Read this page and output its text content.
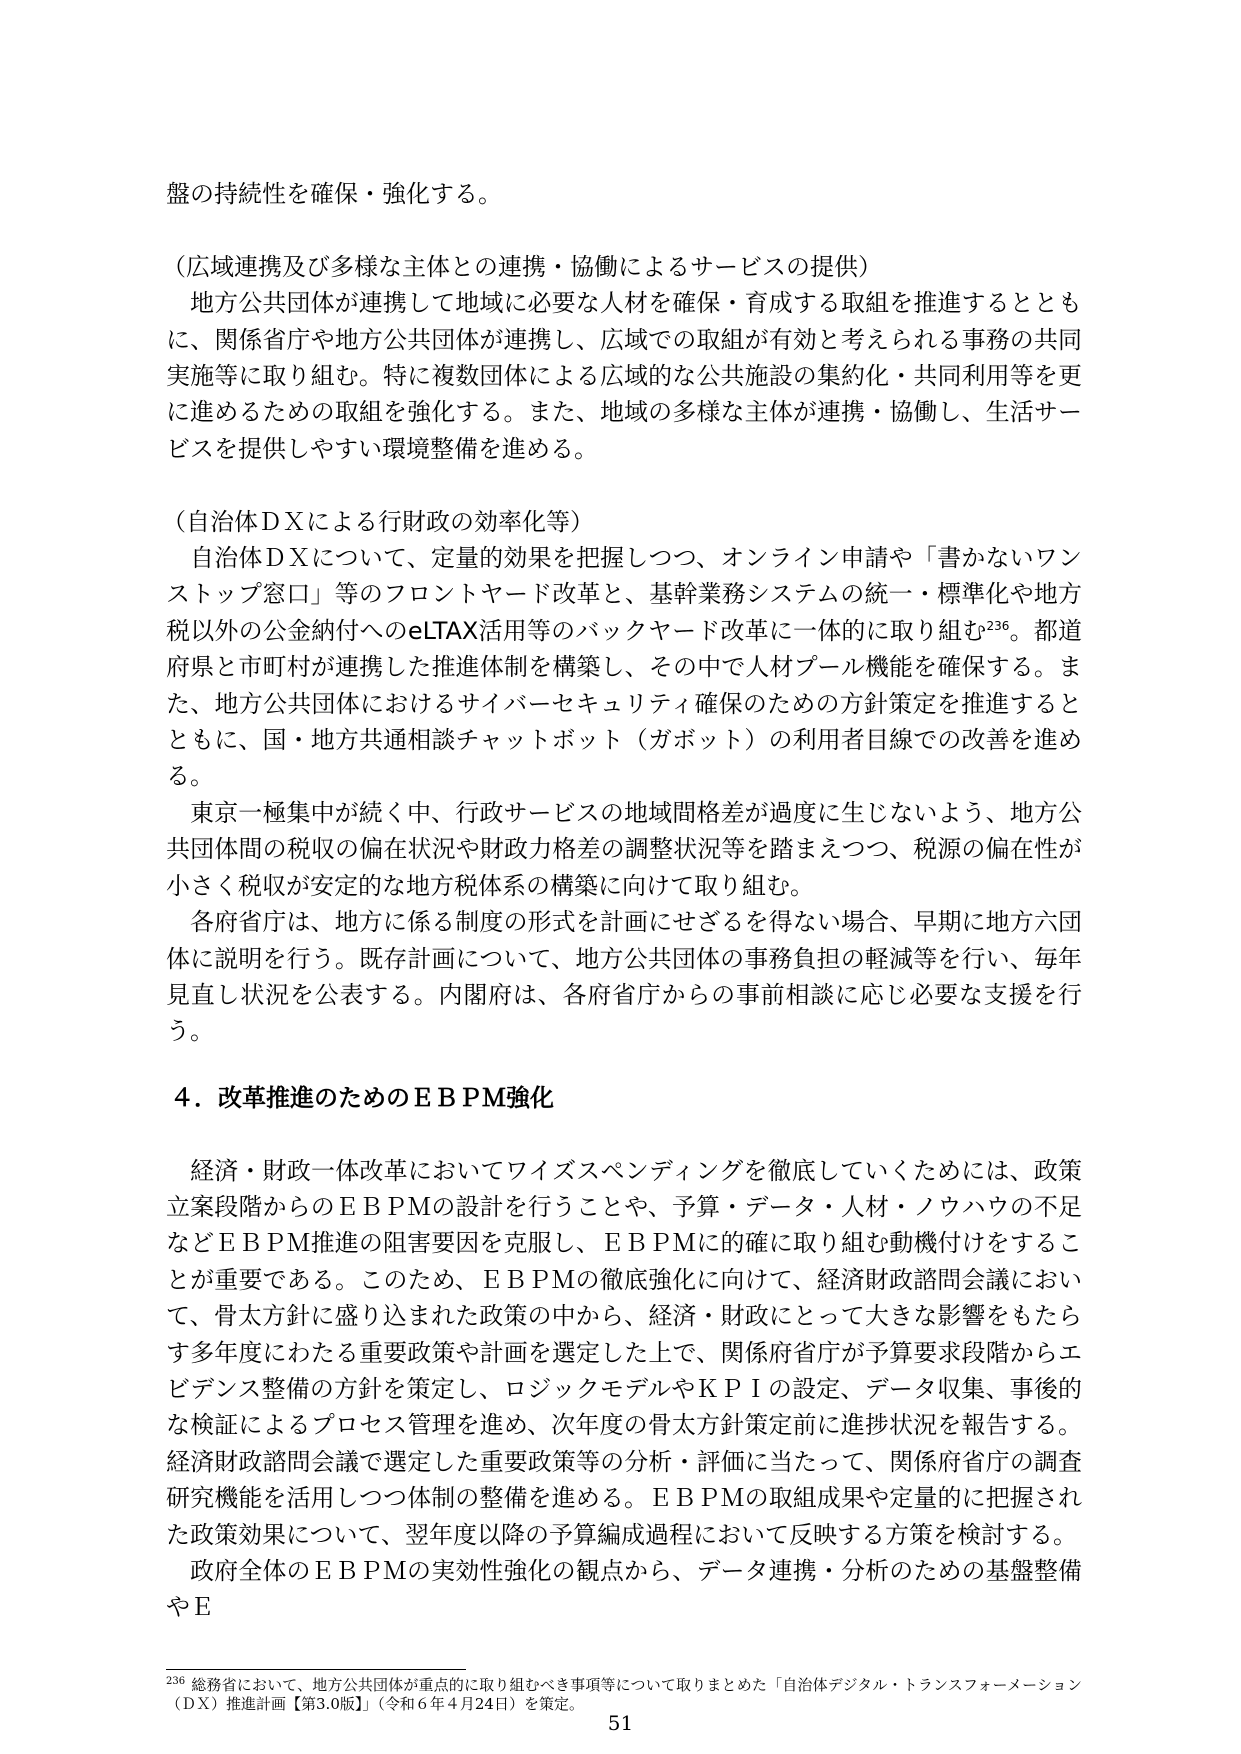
盤の持続性を確保・強化する。

（広域連携及び多様な主体との連携・協働によるサービスの提供）

地方公共団体が連携して地域に必要な人材を確保・育成する取組を推進するとともに、関係省庁や地方公共団体が連携し、広域での取組が有効と考えられる事務の共同実施等に取り組む。特に複数団体による広域的な公共施設の集約化・共同利用等を更に進めるための取組を強化する。また、地域の多様な主体が連携・協働し、生活サービスを提供しやすい環境整備を進める。

（自治体ＤＸによる行財政の効率化等）

自治体ＤＸについて、定量的効果を把握しつつ、オンライン申請や「書かないワンストップ窓口」等のフロントヤード改革と、基幹業務システムの統一・標準化や地方税以外の公金納付へのeLTAX活用等のバックヤード改革に一体的に取り組む$^{236}$。都道府県と市町村が連携した推進体制を構築し、その中で人材プール機能を確保する。また、地方公共団体におけるサイバーセキュリティ確保のための方針策定を推進するとともに、国・地方共通相談チャットボット（ガボット）の利用者目線での改善を進める。

東京一極集中が続く中、行政サービスの地域間格差が過度に生じないよう、地方公共団体間の税収の偏在状況や財政力格差の調整状況等を踏まえつつ、税源の偏在性が小さく税収が安定的な地方税体系の構築に向けて取り組む。

各府省庁は、地方に係る制度の形式を計画にせざるを得ない場合、早期に地方六団体に説明を行う。既存計画について、地方公共団体の事務負担の軽減等を行い、毎年見直し状況を公表する。内閣府は、各府省庁からの事前相談に応じ必要な支援を行う。

４．改革推進のためのＥＢＰＭ強化

経済・財政一体改革においてワイズスペンディングを徹底していくためには、政策立案段階からのＥＢＰＭの設計を行うことや、予算・データ・人材・ノウハウの不足などＥＢＰＭ推進の阻害要因を克服し、ＥＢＰＭに的確に取り組む動機付けをすることが重要である。このため、ＥＢＰＭの徹底強化に向けて、経済財政諮問会議において、骨太方針に盛り込まれた政策の中から、経済・財政にとって大きな影響をもたらす多年度にわたる重要政策や計画を選定した上で、関係府省庁が予算要求段階からエビデンス整備の方針を策定し、ロジックモデルやＫＰＩの設定、データ収集、事後的な検証によるプロセス管理を進め、次年度の骨太方針策定前に進捗状況を報告する。経済財政諮問会議で選定した重要政策等の分析・評価に当たって、関係府省庁の調査研究機能を活用しつつ体制の整備を進める。ＥＢＰＭの取組成果や定量的に把握された政策効果について、翌年度以降の予算編成過程において反映する方策を検討する。

政府全体のＥＢＰＭの実効性強化の観点から、データ連携・分析のための基盤整備やＥ

$^{236}$ 総務省において、地方公共団体が重点的に取り組むべき事項等について取りまとめた「自治体デジタル・トランスフォーメーション（ＤＸ）推進計画【第3.0版】」（令和６年４月24日）を策定。
51
